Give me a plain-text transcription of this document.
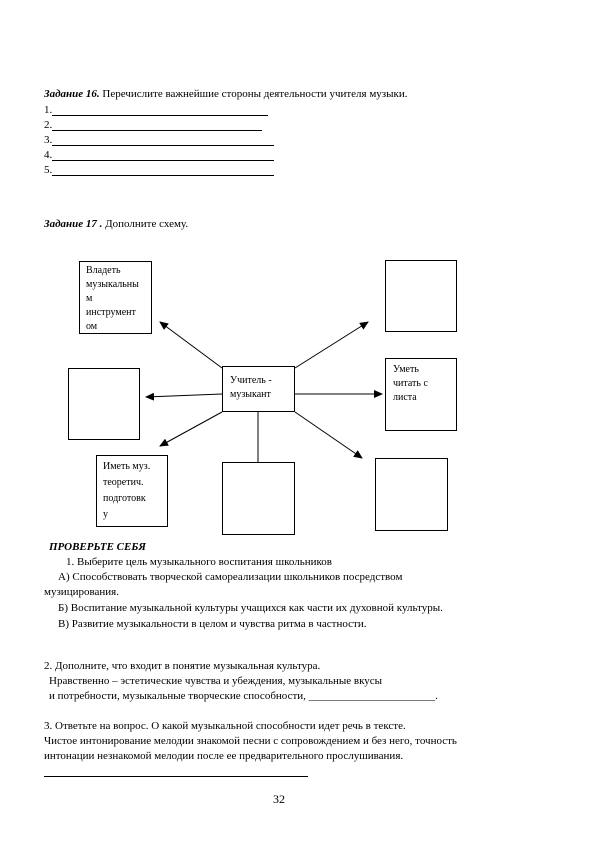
Задание 16. Перечислите важнейшие стороны деятельности учителя музыки.
1.
2.
3.
4.
5.
Задание 17 . Дополните схему.
Учитель -
музыкант
Владеть
музыкальны
м
инструмент
ом
Уметь
читать с
листа
Иметь муз.
теоретич.
подготовк
у
ПРОВЕРЬТЕ СЕБЯ
1. Выберите цель музыкального воспитания школьников
А) Способствовать творческой самореализации школьников посредством
музицирования.
Б) Воспитание музыкальной культуры учащихся как части их духовной культуры.
В) Развитие музыкальности в целом и чувства ритма в частности.
2. Дополните, что входит в понятие музыкальная культура.
Нравственно – эстетические чувства и убеждения, музыкальные вкусы
и потребности, музыкальные творческие способности, _______________________.
3. Ответьте на вопрос. О какой музыкальной способности идет речь в тексте.
Чистое интонирование мелодии знакомой песни с сопровождением и без него, точность
интонации незнакомой мелодии после ее предварительного прослушивания.
32
